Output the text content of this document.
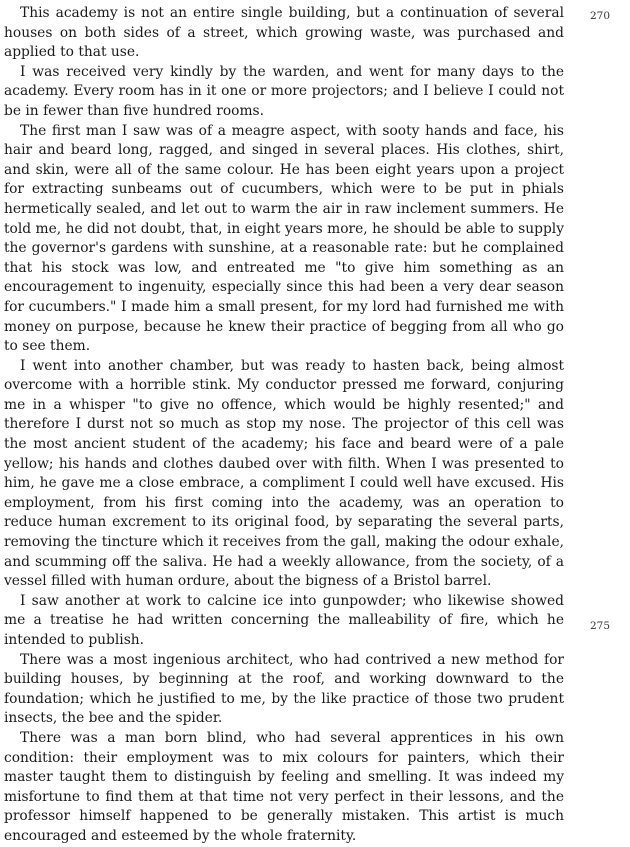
This academy is not an entire single building, but a continuation of several houses on both sides of a street, which growing waste, was purchased and applied to that use.

I was received very kindly by the warden, and went for many days to the academy. Every room has in it one or more projectors; and I believe I could not be in fewer than five hundred rooms.

The first man I saw was of a meagre aspect, with sooty hands and face, his hair and beard long, ragged, and singed in several places. His clothes, shirt, and skin, were all of the same colour. He has been eight years upon a project for extracting sunbeams out of cucumbers, which were to be put in phials hermetically sealed, and let out to warm the air in raw inclement summers. He told me, he did not doubt, that, in eight years more, he should be able to supply the governor's gardens with sunshine, at a reasonable rate: but he complained that his stock was low, and entreated me "to give him something as an encouragement to ingenuity, especially since this had been a very dear season for cucumbers." I made him a small present, for my lord had furnished me with money on purpose, because he knew their practice of begging from all who go to see them.

I went into another chamber, but was ready to hasten back, being almost overcome with a horrible stink. My conductor pressed me forward, conjuring me in a whisper "to give no offence, which would be highly resented;" and therefore I durst not so much as stop my nose. The projector of this cell was the most ancient student of the academy; his face and beard were of a pale yellow; his hands and clothes daubed over with filth. When I was presented to him, he gave me a close embrace, a compliment I could well have excused. His employment, from his first coming into the academy, was an operation to reduce human excrement to its original food, by separating the several parts, removing the tincture which it receives from the gall, making the odour exhale, and scumming off the saliva. He had a weekly allowance, from the society, of a vessel filled with human ordure, about the bigness of a Bristol barrel.

I saw another at work to calcine ice into gunpowder; who likewise showed me a treatise he had written concerning the malleability of fire, which he intended to publish.

There was a most ingenious architect, who had contrived a new method for building houses, by beginning at the roof, and working downward to the foundation; which he justified to me, by the like practice of those two prudent insects, the bee and the spider.

There was a man born blind, who had several apprentices in his own condition: their employment was to mix colours for painters, which their master taught them to distinguish by feeling and smelling. It was indeed my misfortune to find them at that time not very perfect in their lessons, and the professor himself happened to be generally mistaken. This artist is much encouraged and esteemed by the whole fraternity.

270
275
